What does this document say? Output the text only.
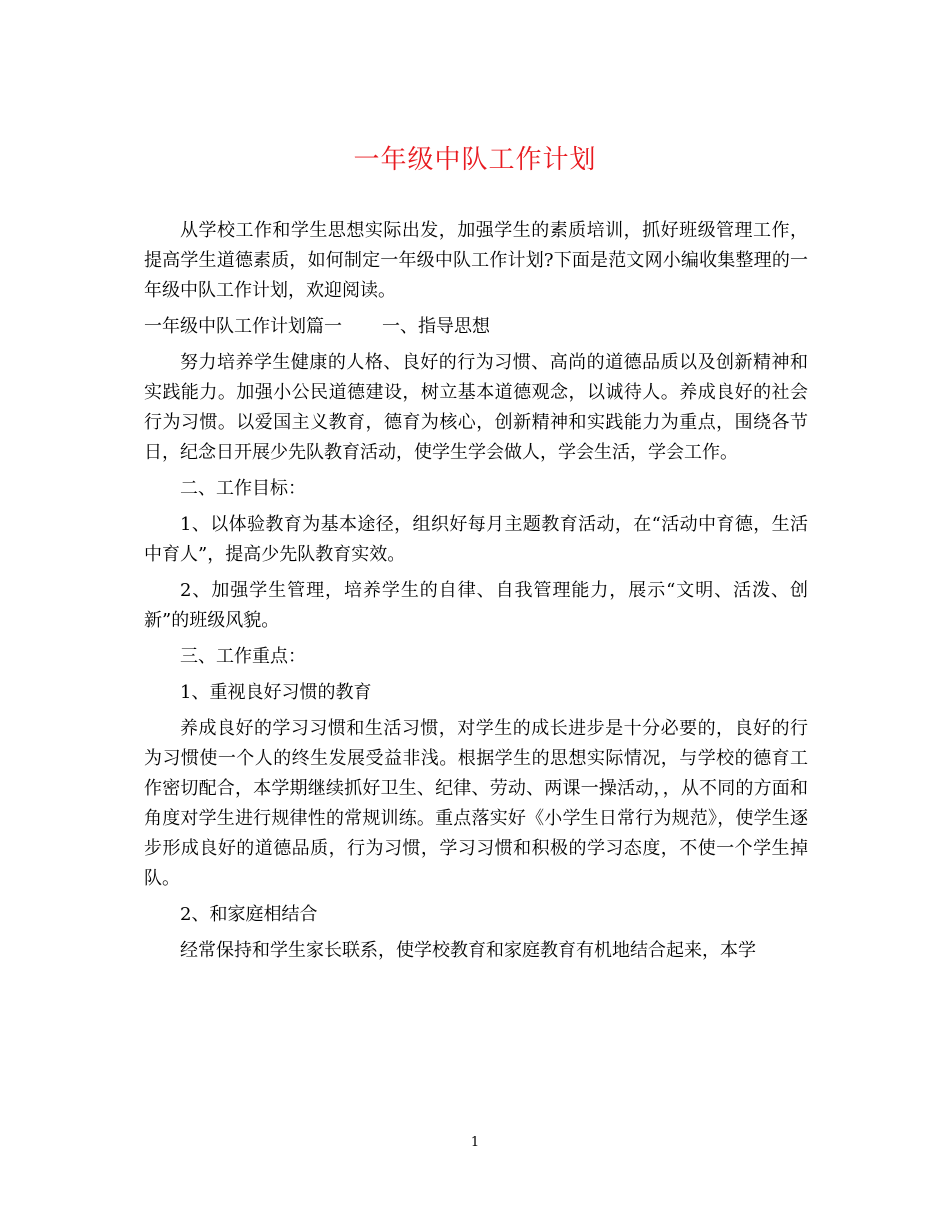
一年级中队工作计划

从学校工作和学生思想实际出发，加强学生的素质培训，抓好班级管理工作，提高学生道德素质，如何制定一年级中队工作计划?下面是范文网小编收集整理的一年级中队工作计划，欢迎阅读。

一年级中队工作计划篇一 一、指导思想

努力培养学生健康的人格、良好的行为习惯、高尚的道德品质以及创新精神和实践能力。加强小公民道德建设，树立基本道德观念，以诚待人。养成良好的社会行为习惯。以爱国主义教育，德育为核心，创新精神和实践能力为重点，围绕各节日，纪念日开展少先队教育活动，使学生学会做人，学会生活，学会工作。

二、工作目标：

1、以体验教育为基本途径，组织好每月主题教育活动，在“活动中育德，生活中育人”，提高少先队教育实效。

2、加强学生管理，培养学生的自律、自我管理能力，展示“文明、活泼、创新”的班级风貌。

三、工作重点：

1、重视良好习惯的教育

养成良好的学习习惯和生活习惯，对学生的成长进步是十分必要的，良好的行为习惯使一个人的终生发展受益非浅。根据学生的思想实际情况，与学校的德育工作密切配合，本学期继续抓好卫生、纪律、劳动、两课一操活动，，从不同的方面和角度对学生进行规律性的常规训练。重点落实好《小学生日常行为规范》，使学生逐步形成良好的道德品质，行为习惯，学习习惯和积极的学习态度，不使一个学生掉队。

2、和家庭相结合

经常保持和学生家长联系，使学校教育和家庭教育有机地结合起来，本学

1
